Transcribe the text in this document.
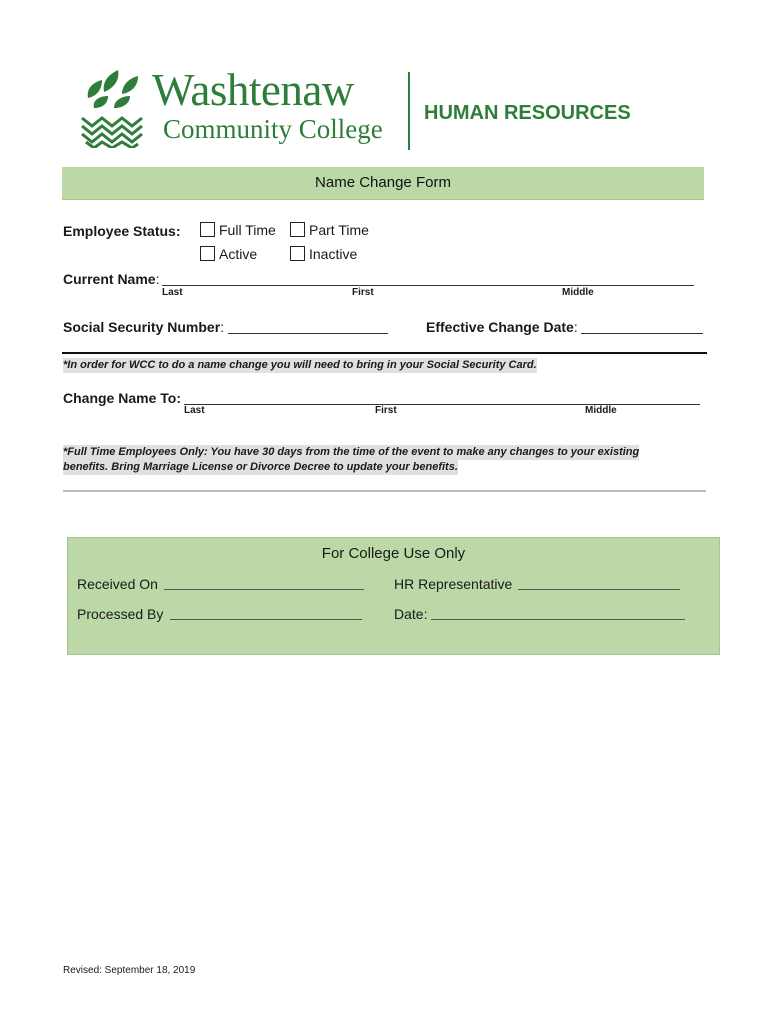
Washtenaw
Community College
HUMAN RESOURCES
Name Change Form
Employee Status:	Full Time Part Time
Active	Inactive
Current Name:
Last	First	Middle
Social Security Number:	Effective Change Date:
*In order for WCC to do a name change you will need to bring in your Social Security Card.
Change Name To:
Last	First	Middle
*Full Time Employees Only: You have 30 days from the time of the event to make any changes to your existing
benefits. Bring Marriage License or Divorce Decree to update your benefits.
For College Use Only
Received On	HR Representative
Processed By	Date:
Revised: September 18, 2019
